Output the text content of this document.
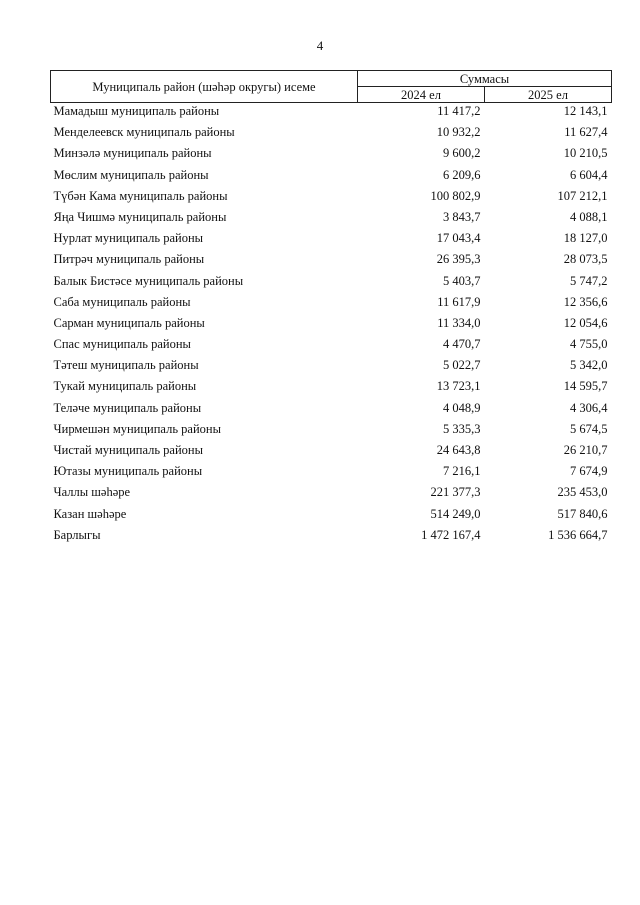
4
Муниципаль район (шәһәр округы) исеме	Суммасы	
	2024 ел	2025 ел
Мамадыш муниципаль районы	11 417,2	12 143,1
Менделеевск муниципаль районы	10 932,2	11 627,4
Минзәлә муниципаль районы	9 600,2	10 210,5
Мөслим муниципаль районы	6 209,6	6 604,4
Түбән Кама муниципаль районы	100 802,9	107 212,1
Яңа Чишмә муниципаль районы	3 843,7	4 088,1
Нурлат муниципаль районы	17 043,4	18 127,0
Питрәч муниципаль районы	26 395,3	28 073,5
Балык Бистәсе муниципаль районы	5 403,7	5 747,2
Саба муниципаль районы	11 617,9	12 356,6
Сарман муниципаль районы	11 334,0	12 054,6
Спас муниципаль районы	4 470,7	4 755,0
Тәтеш муниципаль районы	5 022,7	5 342,0
Тукай муниципаль районы	13 723,1	14 595,7
Теләче муниципаль районы	4 048,9	4 306,4
Чирмешән муниципаль районы	5 335,3	5 674,5
Чистай муниципаль районы	24 643,8	26 210,7
Ютазы муниципаль районы	7 216,1	7 674,9
Чаллы шәһәре	221 377,3	235 453,0
Казан шәһәре	514 249,0	517 840,6
Барлыгы	1 472 167,4	1 536 664,7
